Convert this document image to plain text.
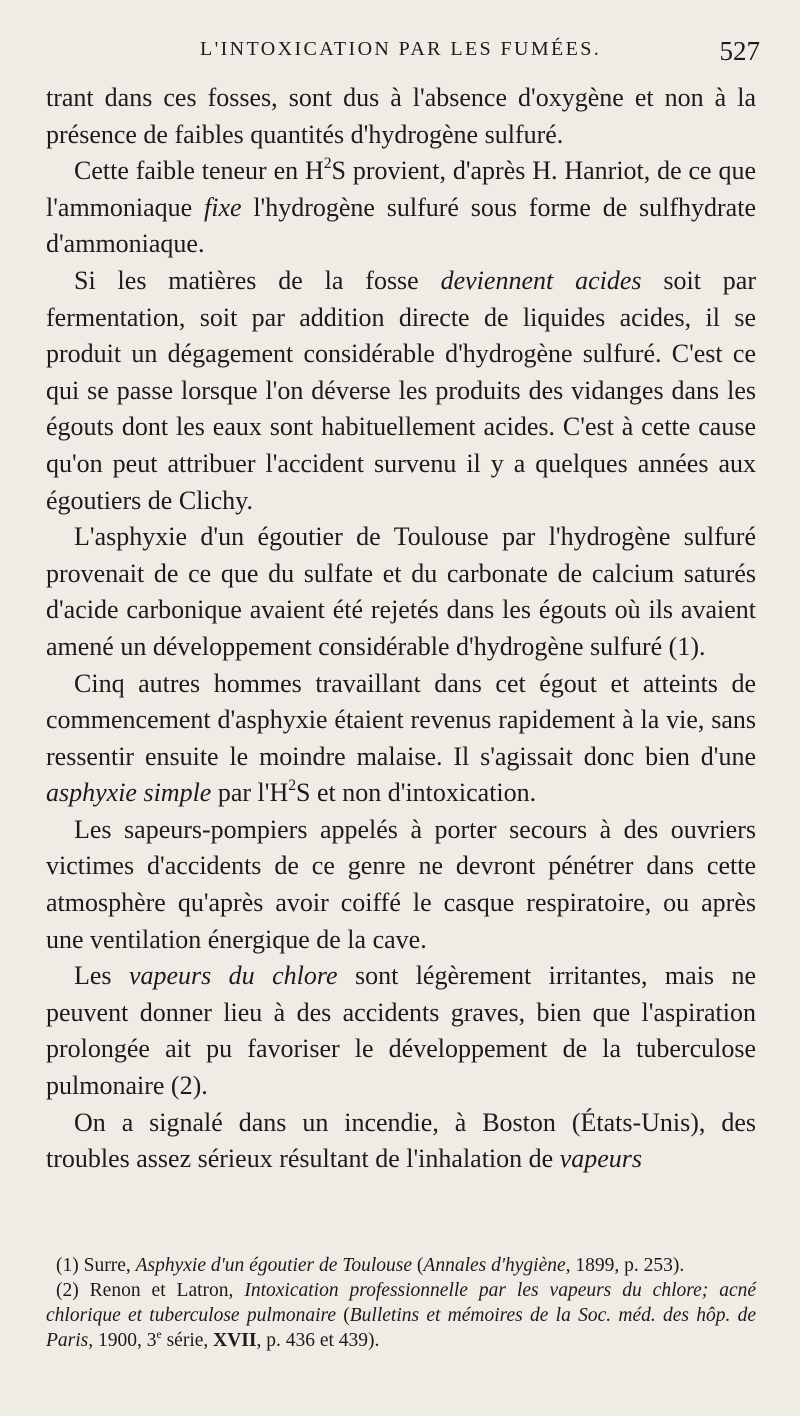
L'INTOXICATION PAR LES FUMÉES.	527

trant dans ces fosses, sont dus à l'absence d'oxygène et non à la présence de faibles quantités d'hydrogène sulfuré.

Cette faible teneur en $H^2S$ provient, d'après H. Hanriot, de ce que l'ammoniaque fixe l'hydrogène sulfuré sous forme de sulfhydrate d'ammoniaque.

Si les matières de la fosse deviennent acides soit par fermentation, soit par addition directe de liquides acides, il se produit un dégagement considérable d'hydrogène sulfuré. C'est ce qui se passe lorsque l'on déverse les produits des vidanges dans les égouts dont les eaux sont habituellement acides. C'est à cette cause qu'on peut attribuer l'accident survenu il y a quelques années aux égoutiers de Clichy.

L'asphyxie d'un égoutier de Toulouse par l'hydrogène sulfuré provenait de ce que du sulfate et du carbonate de calcium saturés d'acide carbonique avaient été rejetés dans les égouts où ils avaient amené un développement considérable d'hydrogène sulfuré (1).

Cinq autres hommes travaillant dans cet égout et atteints de commencement d'asphyxie étaient revenus rapidement à la vie, sans ressentir ensuite le moindre malaise. Il s'agissait donc bien d'une asphyxie simple par $l'H^2S$ et non d'intoxication.

Les sapeurs-pompiers appelés à porter secours à des ouvriers victimes d'accidents de ce genre ne devront pénétrer dans cette atmosphère qu'après avoir coiffé le casque respiratoire, ou après une ventilation énergique de la cave.

Les vapeurs du chlore sont légèrement irritantes, mais ne peuvent donner lieu à des accidents graves, bien que l'aspiration prolongée ait pu favoriser le développement de la tuberculose pulmonaire (2).

On a signalé dans un incendie, à Boston (États-Unis), des troubles assez sérieux résultant de l'inhalation de vapeurs

(1) Surre, Asphyxie d'un égoutier de Toulouse (Annales d'hygiène, 1899, p. 253).

(2) Renon et Latron, Intoxication professionnelle par les vapeurs du chlore; acné chlorique et tuberculose pulmonaire (Bulletins et mémoires de la Soc. méd. des hôp. de Paris, 1900, 3e série, XVII, p. 436 et 439).
